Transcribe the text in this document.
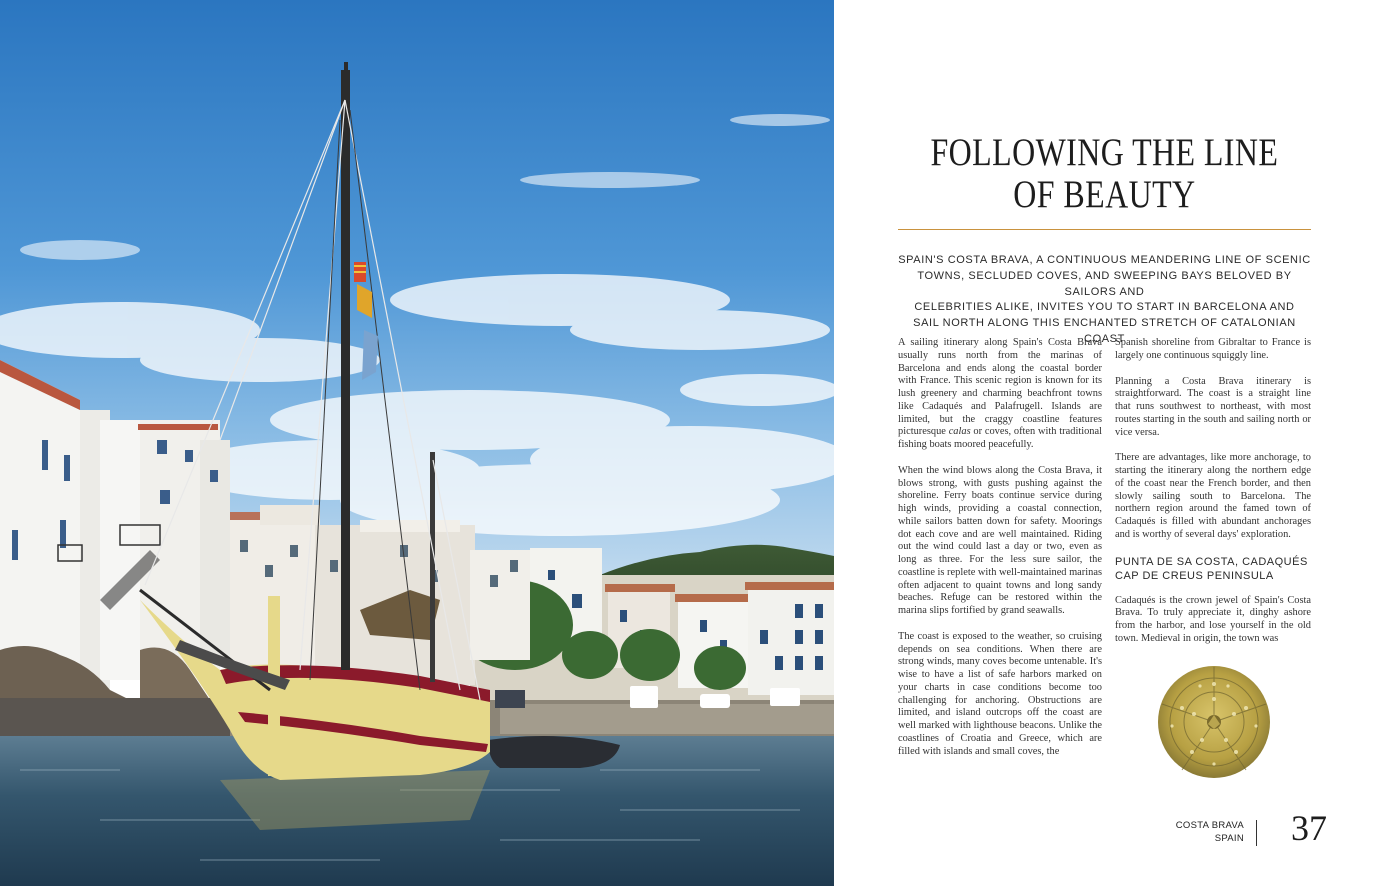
FOLLOWING THE LINE
OF BEAUTY
SPAIN'S COSTA BRAVA, A CONTINUOUS MEANDERING LINE OF SCENIC
TOWNS, SECLUDED COVES, AND SWEEPING BAYS BELOVED BY SAILORS AND
CELEBRITIES ALIKE, INVITES YOU TO START IN BARCELONA AND
SAIL NORTH ALONG THIS ENCHANTED STRETCH OF CATALONIAN COAST

A sailing itinerary along Spain's Costa Brava usually runs north from the marinas of Barcelona and ends along the coastal border with France. This scenic region is known for its lush greenery and charming beachfront towns like Cadaqués and Palafrugell. Islands are limited, but the craggy coastline features picturesque calas or coves, often with traditional fishing boats moored peacefully.

When the wind blows along the Costa Brava, it blows strong, with gusts pushing against the shoreline. Ferry boats continue service during high winds, providing a coastal connection, while sailors batten down for safety. Moorings dot each cove and are well maintained. Riding out the wind could last a day or two, even as long as three. For the less sure sailor, the coastline is replete with well-maintained marinas often adjacent to quaint towns and long sandy beaches. Refuge can be restored within the marina slips fortified by grand seawalls.

The coast is exposed to the weather, so cruising depends on sea conditions. When there are strong winds, many coves become untenable. It's wise to have a list of safe harbors marked on your charts in case conditions become too challenging for anchoring. Obstructions are limited, and island outcrops off the coast are well marked with lighthouse beacons. Unlike the coastlines of Croatia and Greece, which are filled with islands and small coves, the

Spanish shoreline from Gibraltar to France is largely one continuous squiggly line.

Planning a Costa Brava itinerary is straightforward. The coast is a straight line that runs southwest to northeast, with most routes starting in the south and sailing north or vice versa.

There are advantages, like more anchorage, to starting the itinerary along the northern edge of the coast near the French border, and then slowly sailing south to Barcelona. The northern region around the famed town of Cadaqués is filled with abundant anchorages and is worthy of several days' exploration.

PUNTA DE SA COSTA, CADAQUÉS
CAP DE CREUS PENINSULA

Cadaqués is the crown jewel of Spain's Costa Brava. To truly appreciate it, dinghy ashore from the harbor, and lose yourself in the old town. Medieval in origin, the town was

COSTA BRAVA
SPAIN 37
